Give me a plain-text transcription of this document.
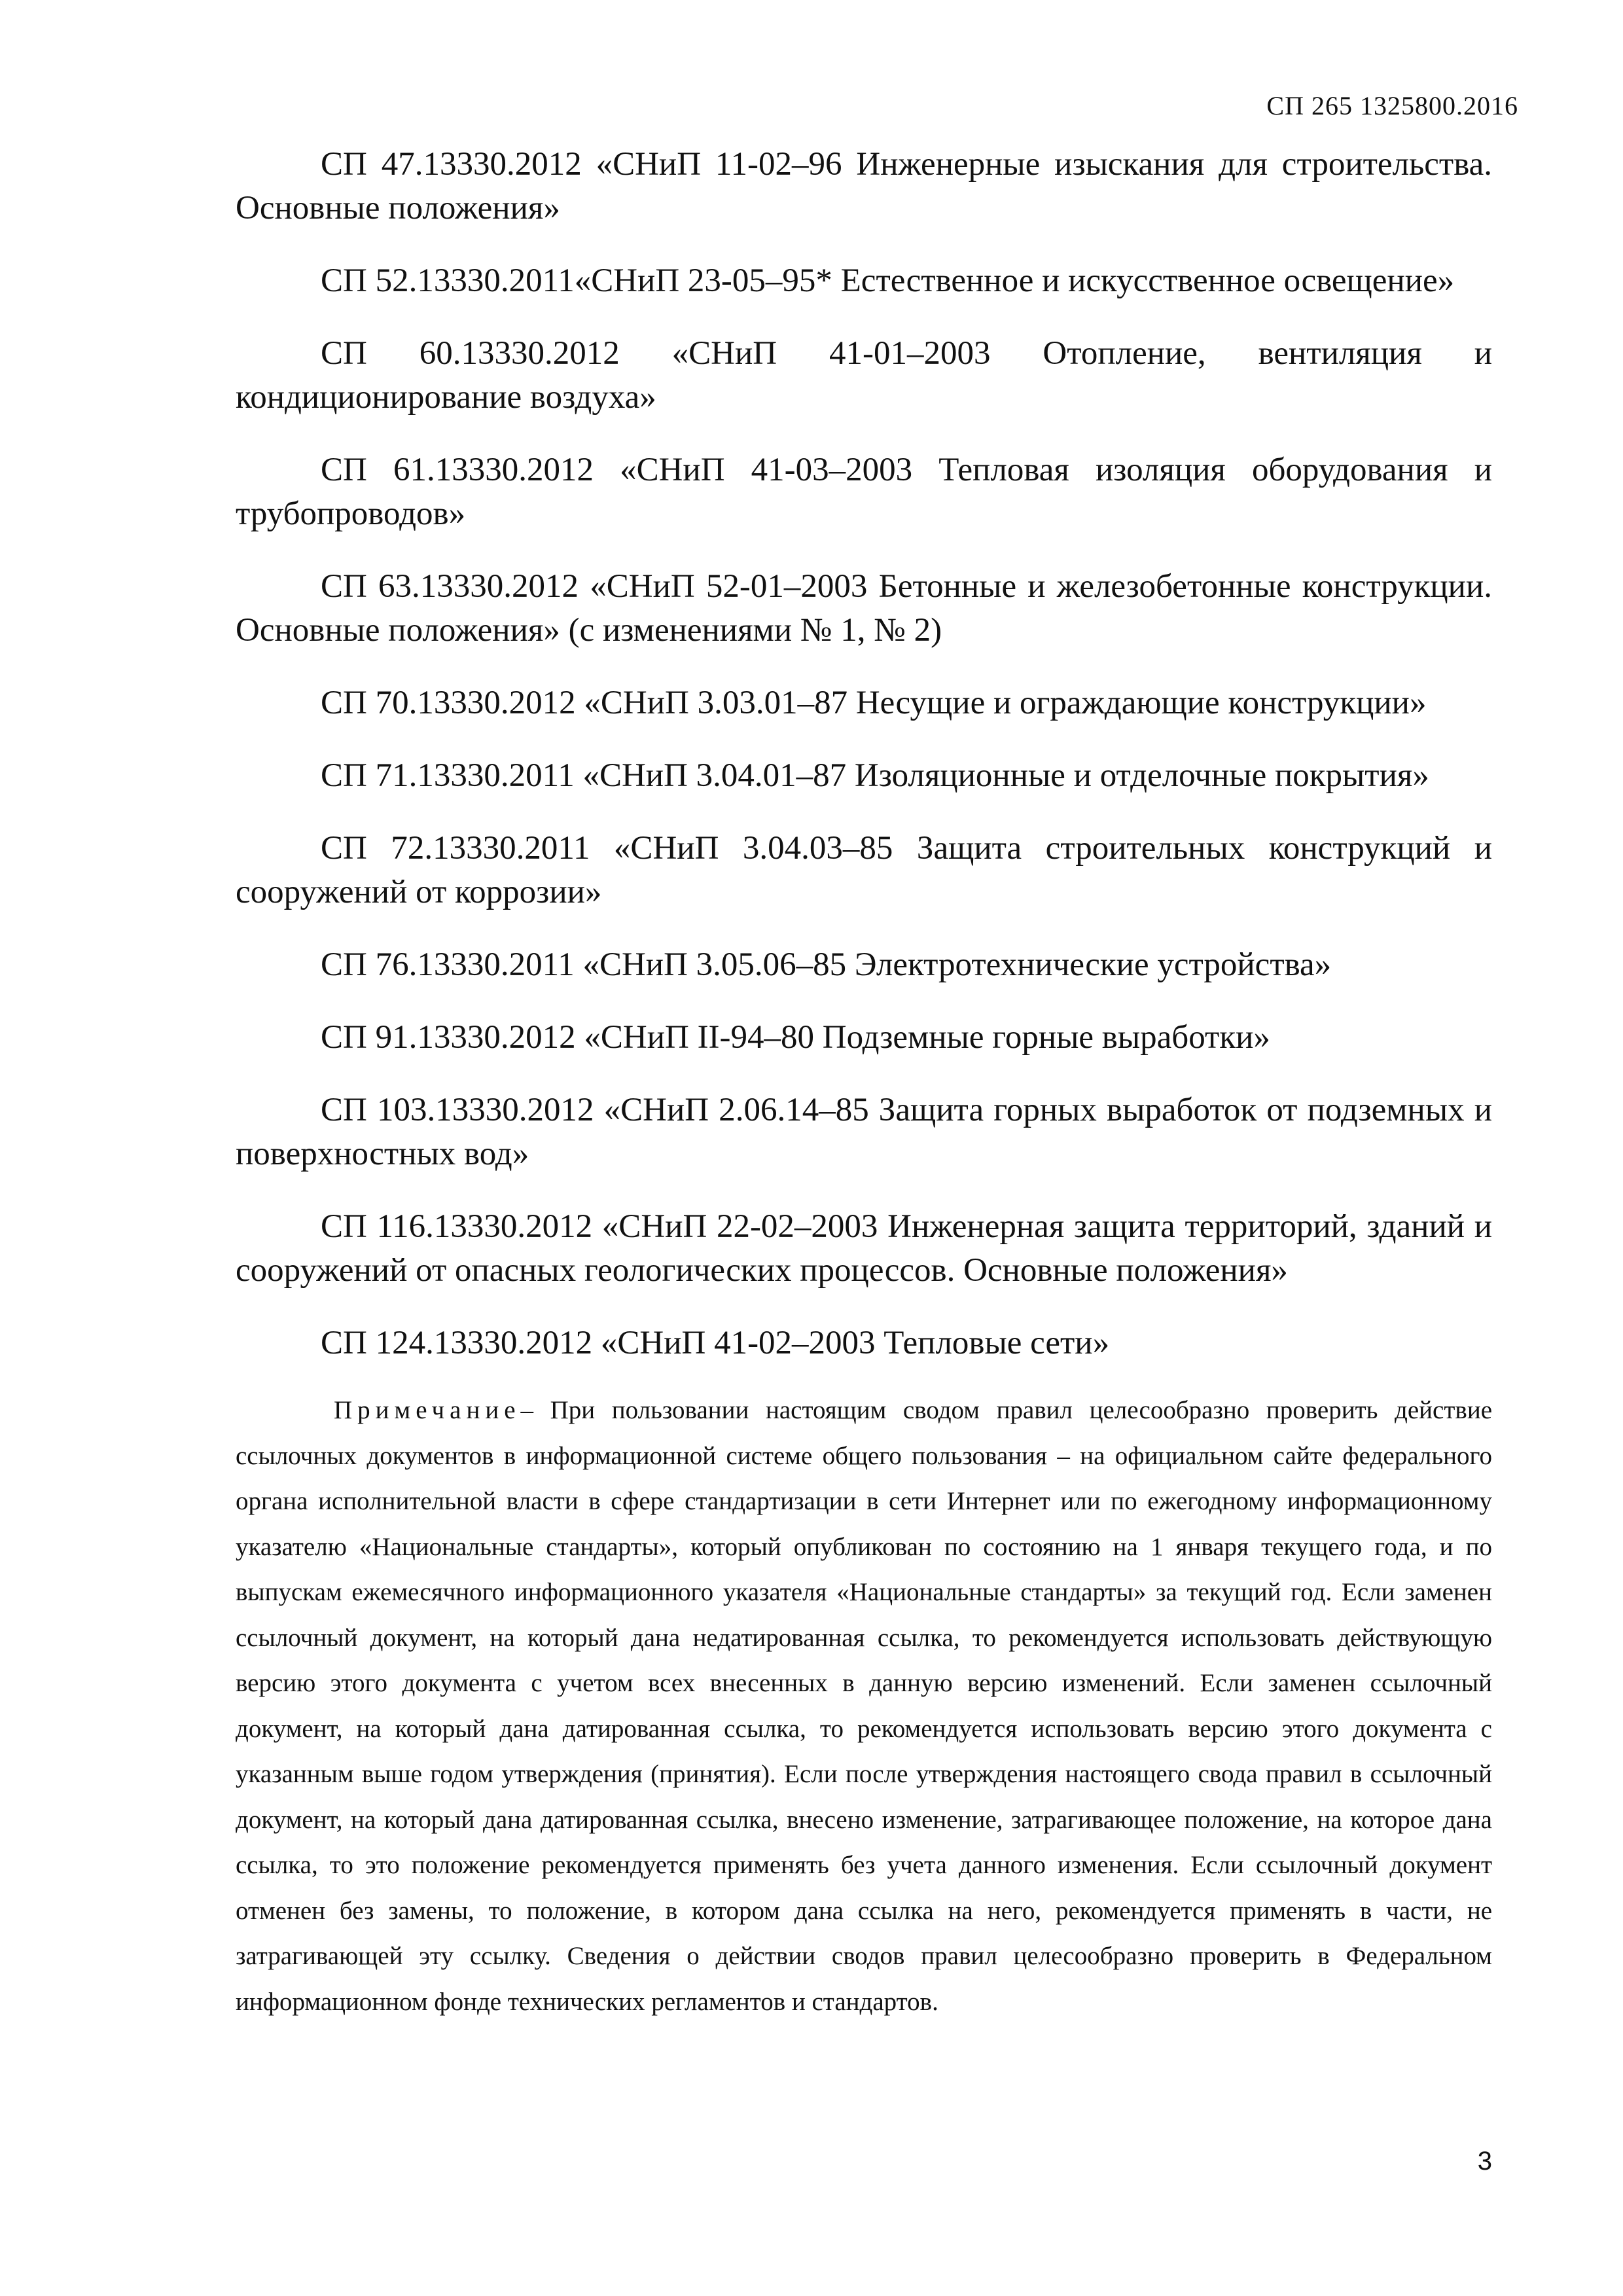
СП 265 1325800.2016

СП 47.13330.2012 «СНиП 11-02–96 Инженерные изыскания для строительства. Основные положения»

СП 52.13330.2011«СНиП 23-05–95* Естественное и искусственное освещение»

СП 60.13330.2012 «СНиП 41-01–2003 Отопление, вентиляция и кондиционирование воздуха»

СП 61.13330.2012 «СНиП 41-03–2003 Тепловая изоляция оборудования и трубопроводов»

СП 63.13330.2012 «СНиП 52-01–2003 Бетонные и железобетонные конструкции. Основные положения» (с изменениями № 1, № 2)

СП 70.13330.2012 «СНиП 3.03.01–87 Несущие и ограждающие конструкции»

СП 71.13330.2011 «СНиП 3.04.01–87 Изоляционные и отделочные покрытия»

СП 72.13330.2011 «СНиП 3.04.03–85 Защита строительных конструкций и сооружений от коррозии»

СП 76.13330.2011 «СНиП 3.05.06–85 Электротехнические устройства»

СП 91.13330.2012 «СНиП II-94–80 Подземные горные выработки»

СП 103.13330.2012 «СНиП 2.06.14–85 Защита горных выработок от подземных и поверхностных вод»

СП 116.13330.2012 «СНиП 22-02–2003 Инженерная защита территорий, зданий и сооружений от опасных геологических процессов. Основные положения»

СП 124.13330.2012 «СНиП 41-02–2003 Тепловые сети»

Примечание– При пользовании настоящим сводом правил целесообразно проверить действие ссылочных документов в информационной системе общего пользования – на официальном сайте федерального органа исполнительной власти в сфере стандартизации в сети Интернет или по ежегодному информационному указателю «Национальные стандарты», который опубликован по состоянию на 1 января текущего года, и по выпускам ежемесячного информационного указателя «Национальные стандарты» за текущий год. Если заменен ссылочный документ, на который дана недатированная ссылка, то рекомендуется использовать действующую версию этого документа с учетом всех внесенных в данную версию изменений. Если заменен ссылочный документ, на который дана датированная ссылка, то рекомендуется использовать версию этого документа с указанным выше годом утверждения (принятия). Если после утверждения настоящего свода правил в ссылочный документ, на который дана датированная ссылка, внесено изменение, затрагивающее положение, на которое дана ссылка, то это положение рекомендуется применять без учета данного изменения. Если ссылочный документ отменен без замены, то положение, в котором дана ссылка на него, рекомендуется применять в части, не затрагивающей эту ссылку. Сведения о действии сводов правил целесообразно проверить в Федеральном информационном фонде технических регламентов и стандартов.
3
